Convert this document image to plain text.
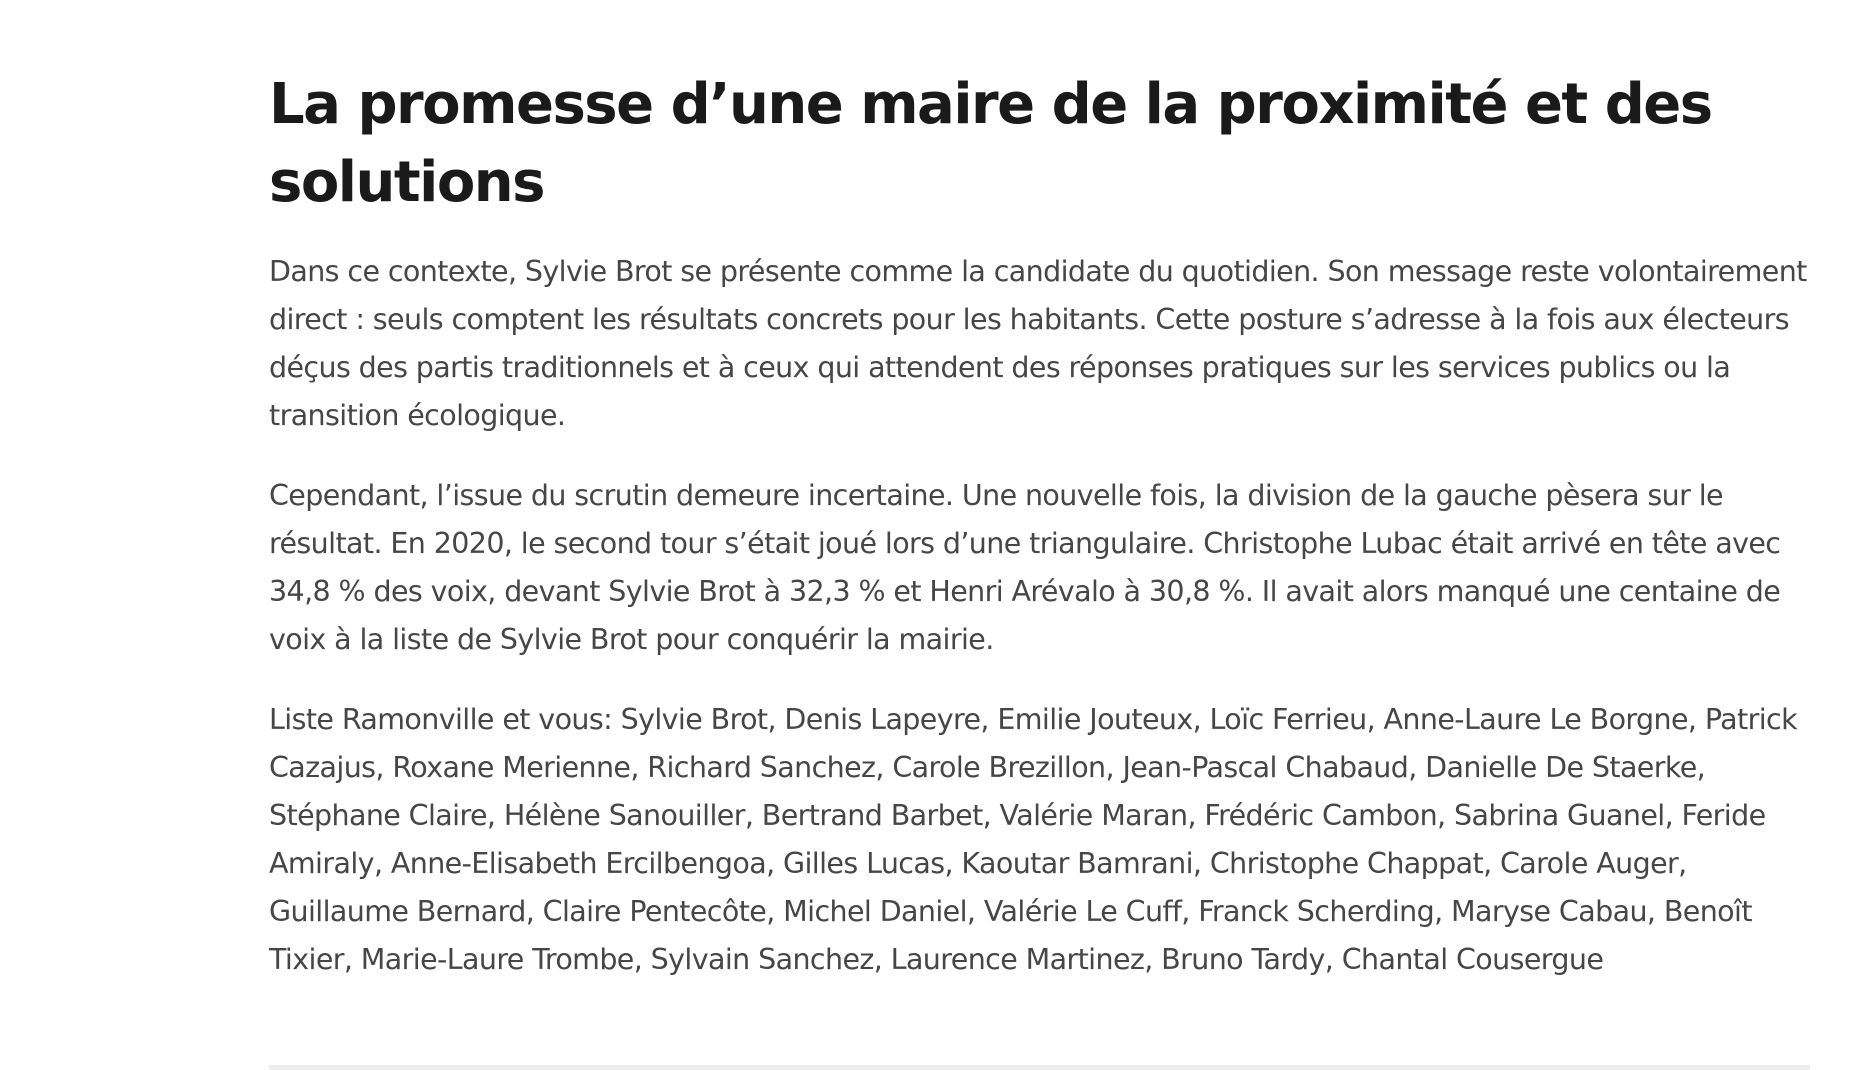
La promesse d’une maire de la proximité et des solutions

Dans ce contexte, Sylvie Brot se présente comme la candidate du quotidien. Son message reste volontairement direct : seuls comptent les résultats concrets pour les habitants. Cette posture s’adresse à la fois aux électeurs déçus des partis traditionnels et à ceux qui attendent des réponses pratiques sur les services publics ou la transition écologique.

Cependant, l’issue du scrutin demeure incertaine. Une nouvelle fois, la division de la gauche pèsera sur le résultat. En 2020, le second tour s’était joué lors d’une triangulaire. Christophe Lubac était arrivé en tête avec 34,8 % des voix, devant Sylvie Brot à 32,3 % et Henri Arévalo à 30,8 %. Il avait alors manqué une centaine de voix à la liste de Sylvie Brot pour conquérir la mairie.

Liste Ramonville et vous: Sylvie Brot, Denis Lapeyre, Emilie Jouteux, Loïc Ferrieu, Anne-Laure Le Borgne, Patrick Cazajus, Roxane Merienne, Richard Sanchez, Carole Brezillon, Jean-Pascal Chabaud, Danielle De Staerke, Stéphane Claire, Hélène Sanouiller, Bertrand Barbet, Valérie Maran, Frédéric Cambon, Sabrina Guanel, Feride Amiraly, Anne-Elisabeth Ercilbengoa, Gilles Lucas, Kaoutar Bamrani, Christophe Chappat, Carole Auger, Guillaume Bernard, Claire Pentecôte, Michel Daniel, Valérie Le Cuff, Franck Scherding, Maryse Cabau, Benoît Tixier, Marie-Laure Trombe, Sylvain Sanchez, Laurence Martinez, Bruno Tardy, Chantal Cousergue
